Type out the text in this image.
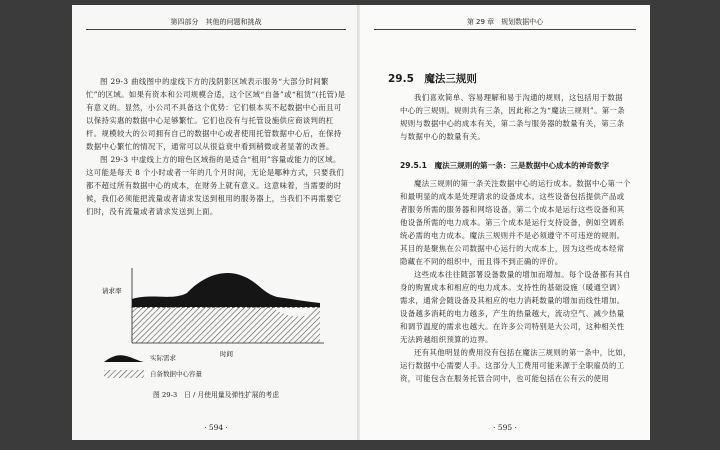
第四部分　其他的问题和挑战

图 29-3 曲线图中的虚线下方的浅阴影区域表示服务“大部分时间繁忙”的区域。如果有资本和公司规模合适，这个区域“自备”或“租赁”(托管)是有意义的。显然，小公司不具备这个优势：它们根本买不起数据中心而且可以保持实惠的数据中心足够繁忙。它们也没有与托管设施供应商谈判的杠杆。规模较大的公司拥有自己的数据中心或者使用托管数据中心后，在保持数据中心繁忙的情况下，通常可以从很益衰中看到稍微或者显著的改善。

图 29-3 中虚线上方的暗色区域指的是适合“租用”容量或能力的区域。这可能是每天 8 个小时或者一年的几个月时间，无论是哪种方式，只要我们都不超过所有数据中心的成本，在财务上就有意义。这意味着，当需要的时候，我们必须能把流量或者请求发送到租用的服务器上，当我们不再需要它们时，没有流量或者请求发送到上面。

请求率
时间
实际需求
自备数据中心容量
图 29-3　日 / 月使用量及弹性扩展的考虑
· 594 ·
第 29 章　规划数据中心
29.5　魔法三规则

我们喜欢简单、容易理解和易于沟通的规则，这包括用于数据中心的三规则。规则共有三条，因此称之为“魔法三规则”。第一条规则与数据中心的成本有关，第二条与服务器的数量有关，第三条与数据中心的数量有关。

29.5.1　魔法三规则的第一条：三是数据中心成本的神奇数字

魔法三规则的第一条关注数据中心的运行成本。数据中心第一个和最明显的成本是处理请求的设备成本。这些设备包括提供产品或者服务所需的服务器和网络设备。第二个成本是运行这些设备和其他设备所需的电力成本。第三个成本是运行支持设备，例如空调系统必需的电力成本。魔法三规则并不是必须遵守不可违逆的规则。其目的是聚焦在公司数据中心运行的大成本上，因为这些成本经常隐藏在不同的组织中，而且得不到正确的评价。

这些成本往往随部署设备数量的增加而增加。每个设备都有其自身的购置成本和相应的电力成本。支持性的基础设施（暖通空调）需求，通常会随设备及其相应的电力消耗数量的增加而线性增加。设备越多消耗的电力越多，产生的热量越大，流动空气、减少热量和调节温度的需求也越大。在许多公司特别是大公司，这种相关性无法跨越组织预算的边界。

还有其他明显的费用没有包括在魔法三规则的第一条中，比如，运行数据中心需要人手。这部分人工费用可能来源于全职雇员的工资，可能包含在服务托管合同中，也可能包括在公有云的使用

· 595 ·
